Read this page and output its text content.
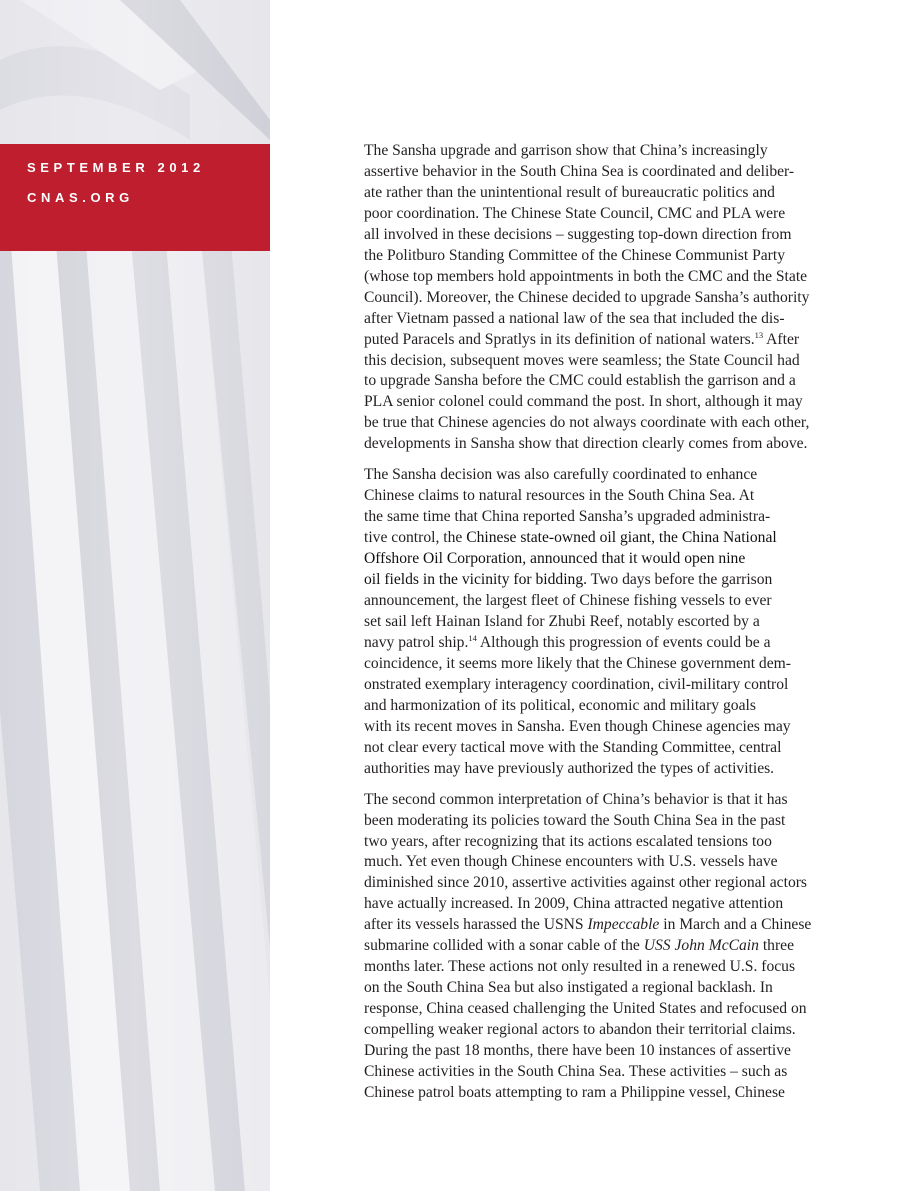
SEPTEMBER 2012
CNAS.ORG

The Sansha upgrade and garrison show that China’s increasingly
assertive behavior in the South China Sea is coordinated and deliber-
ate rather than the unintentional result of bureaucratic politics and
poor coordination. The Chinese State Council, CMC and PLA were
all involved in these decisions – suggesting top-down direction from
the Politburo Standing Committee of the Chinese Communist Party
(whose top members hold appointments in both the CMC and the State
Council). Moreover, the Chinese decided to upgrade Sansha’s authority
after Vietnam passed a national law of the sea that included the dis-
puted Paracels and Spratlys in its definition of national waters.$^{13}$ After
this decision, subsequent moves were seamless; the State Council had
to upgrade Sansha before the CMC could establish the garrison and a
PLA senior colonel could command the post. In short, although it may
be true that Chinese agencies do not always coordinate with each other,
developments in Sansha show that direction clearly comes from above.

The Sansha decision was also carefully coordinated to enhance
Chinese claims to natural resources in the South China Sea. At
the same time that China reported Sansha’s upgraded administra-
tive control, the Chinese state-owned oil giant, the China National
Offshore Oil Corporation, announced that it would open nine
oil fields in the vicinity for bidding. Two days before the garrison
announcement, the largest fleet of Chinese fishing vessels to ever
set sail left Hainan Island for Zhubi Reef, notably escorted by a
navy patrol ship.$^{14}$ Although this progression of events could be a
coincidence, it seems more likely that the Chinese government dem-
onstrated exemplary interagency coordination, civil-military control
and harmonization of its political, economic and military goals
with its recent moves in Sansha. Even though Chinese agencies may
not clear every tactical move with the Standing Committee, central
authorities may have previously authorized the types of activities.

The second common interpretation of China’s behavior is that it has
been moderating its policies toward the South China Sea in the past
two years, after recognizing that its actions escalated tensions too
much. Yet even though Chinese encounters with U.S. vessels have
diminished since 2010, assertive activities against other regional actors
have actually increased. In 2009, China attracted negative attention
after its vessels harassed the USNS Impeccable in March and a Chinese
submarine collided with a sonar cable of the USS John McCain three
months later. These actions not only resulted in a renewed U.S. focus
on the South China Sea but also instigated a regional backlash. In
response, China ceased challenging the United States and refocused on
compelling weaker regional actors to abandon their territorial claims.
During the past 18 months, there have been 10 instances of assertive
Chinese activities in the South China Sea. These activities – such as
Chinese patrol boats attempting to ram a Philippine vessel, Chinese
